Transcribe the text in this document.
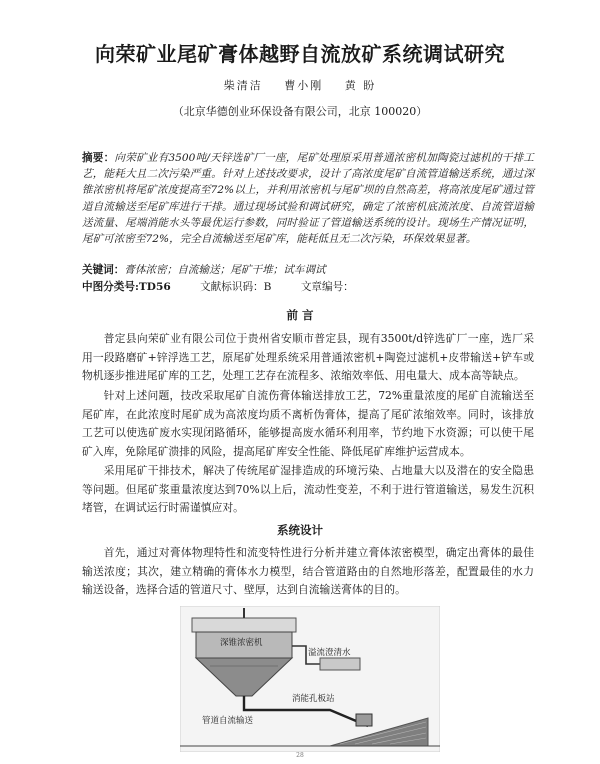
向荣矿业尾矿膏体越野自流放矿系统调试研究
柴清洁 曹小刚 黄 盼
（北京华德创业环保设备有限公司，北京 100020）
摘要：向荣矿业有3500吨/天锌选矿厂一座，尾矿处理原采用普通浓密机加陶瓷过滤机的干排工艺，能耗大且二次污染严重。针对上述技改要求，设计了高浓度尾矿自流管道输送系统，通过深锥浓密机将尾矿浓度提高至72%以上，并利用浓密机与尾矿坝的自然高差，将高浓度尾矿通过管道自流输送至尾矿库进行干排。通过现场试验和调试研究，确定了浓密机底流浓度、自流管道输送流量、尾端消能水头等最优运行参数，同时验证了管道输送系统的设计。现场生产情况证明，尾矿可浓密至72%，完全自流输送至尾矿库，能耗低且无二次污染，环保效果显著。
关键词：膏体浓密；自流输送；尾矿干堆；试车调试
中图分类号:TD56	文献标识码：B	文章编号：
前 言
普定县向荣矿业有限公司位于贵州省安顺市普定县，现有3500t/d锌选矿厂一座，选厂采用一段路磨矿+锌浮选工艺，原尾矿处理系统采用普通浓密机+陶瓷过滤机+皮带输送+铲车或物机逐步推进尾矿库的工艺，处理工艺存在流程多、浓缩效率低、用电量大、成本高等缺点。
针对上述问题，技改采取尾矿自流伤膏体输送排放工艺，72%重量浓度的尾矿自流输送至尾矿库，在此浓度时尾矿成为高浓度均质不离析伪膏体，提高了尾矿浓缩效率。同时，该排放工艺可以使选矿废水实现闭路循环，能够提高废水循环利用率，节约地下水资源；可以使干尾矿入库，免除尾矿溃排的风险，提高尾矿库安全性能、降低尾矿库维护运营成本。
采用尾矿干排技术，解决了传统尾矿湿排造成的环境污染、占地量大以及潜在的安全隐患等问题。但尾矿浆重量浓度达到70%以上后，流动性变差，不利于进行管道输送，易发生沉积堵管，在调试运行时需谨慎应对。
系统设计
首先，通过对膏体物理特性和流变特性进行分析并建立膏体浓密模型，确定出膏体的最佳输送浓度；其次，建立精确的膏体水力模型，结合管道路由的自然地形落差，配置最佳的水力输送设备，选择合适的管道尺寸、壁厚，达到自流输送膏体的目的。
深锥浓密机
溢流澄清水
消能孔板站
管道自流输送
28
